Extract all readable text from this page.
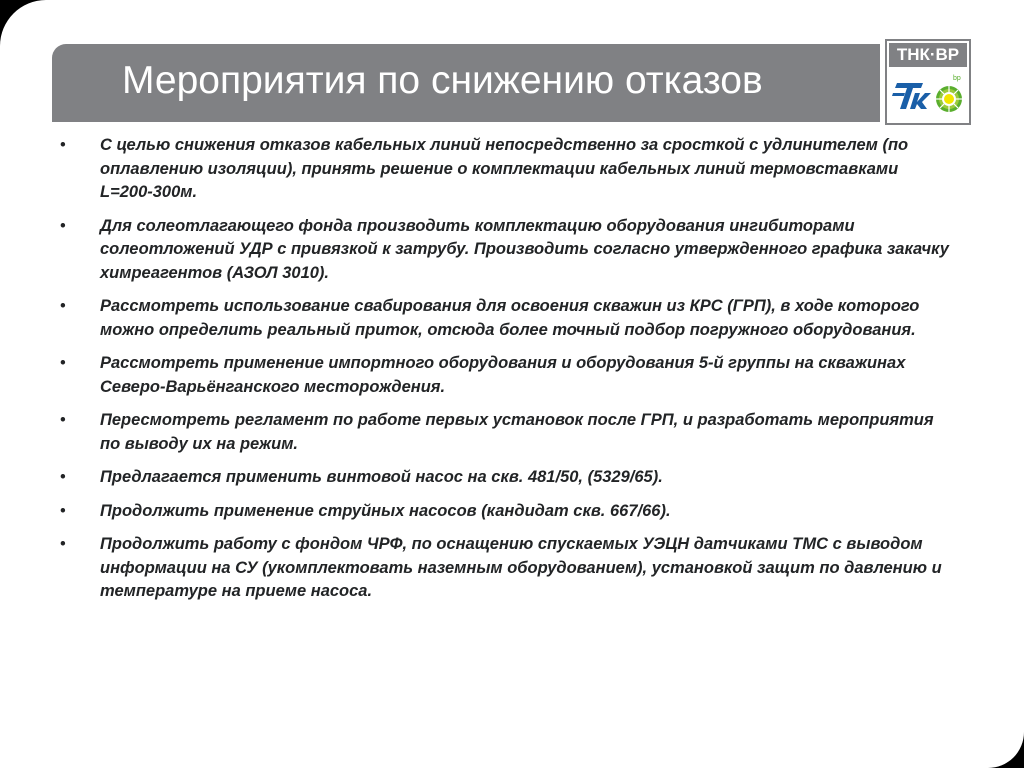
Мероприятия по снижению отказов
ТНК·BP
bp
• С целью снижения отказов кабельных линий непосредственно за сросткой с удлинителем (по оплавлению изоляции), принять решение о комплектации кабельных линий термовставками L=200-300м.
• Для солеотлагающего фонда производить комплектацию оборудования ингибиторами солеотложений УДР с привязкой к затрубу. Производить согласно утвержденного графика закачку химреагентов (АЗОЛ 3010).
• Рассмотреть использование свабирования для освоения скважин из КРС (ГРП), в ходе которого можно определить реальный приток, отсюда более точный подбор погружного оборудования.
• Рассмотреть применение импортного оборудования и оборудования 5-й группы на скважинах Северо-Варьёнганского месторождения.
• Пересмотреть регламент по работе первых установок после ГРП, и разработать мероприятия по выводу их на режим.
• Предлагается применить винтовой насос на скв. 481/50, (5329/65).
• Продолжить применение струйных насосов (кандидат скв. 667/66).
• Продолжить работу с фондом ЧРФ, по оснащению спускаемых УЭЦН датчиками ТМС с выводом информации на СУ (укомплектовать наземным оборудованием), установкой защит по давлению и температуре на приеме насоса.
